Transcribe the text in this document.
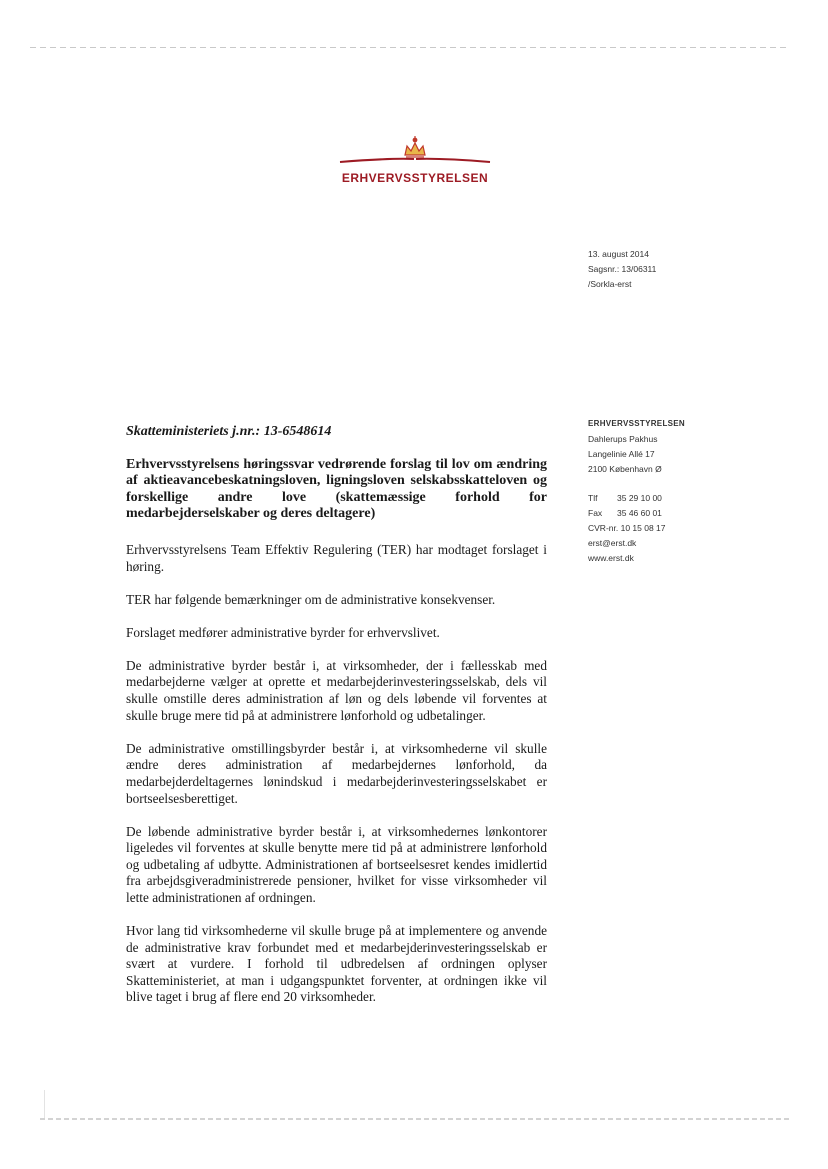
ERHVERVSSTYRELSEN
13. august 2014
Sagsnr.: 13/06311
/Sorkla-erst
ERHVERVSSTYRELSEN
Dahlerups Pakhus
Langelinie Allé 17
2100 København Ø
Tlf	35 29 10 00
Fax	35 46 60 01
CVR-nr. 10 15 08 17
erst@erst.dk
www.erst.dk

Skatteministeriets j.nr.: 13-6548614

Erhvervsstyrelsens høringssvar vedrørende forslag til lov om ændring af aktieavancebeskatningsloven, ligningsloven selskabsskatteloven og forskellige andre love (skattemæssige forhold for medarbejderselskaber og deres deltagere)

Erhvervsstyrelsens Team Effektiv Regulering (TER) har modtaget forslaget i høring.

TER har følgende bemærkninger om de administrative konsekvenser.

Forslaget medfører administrative byrder for erhvervslivet.

De administrative byrder består i, at virksomheder, der i fællesskab med medarbejderne vælger at oprette et medarbejderinvesteringsselskab, dels vil skulle omstille deres administration af løn og dels løbende vil forventes at skulle bruge mere tid på at administrere lønforhold og udbetalinger.

De administrative omstillingsbyrder består i, at virksomhederne vil skulle ændre deres administration af medarbejdernes lønforhold, da medarbejderdeltagernes lønindskud i medarbejderinvesteringsselskabet er bortseelsesberettiget.

De løbende administrative byrder består i, at virksomhedernes lønkontorer ligeledes vil forventes at skulle benytte mere tid på at administrere lønforhold og udbetaling af udbytte. Administrationen af bortseelsesret kendes imidlertid fra arbejdsgiveradministrerede pensioner, hvilket for visse virksomheder vil lette administrationen af ordningen.

Hvor lang tid virksomhederne vil skulle bruge på at implementere og anvende de administrative krav forbundet med et medarbejderinvesteringsselskab er svært at vurdere. I forhold til udbredelsen af ordningen oplyser Skatteministeriet, at man i udgangspunktet forventer, at ordningen ikke vil blive taget i brug af flere end 20 virksomheder.
